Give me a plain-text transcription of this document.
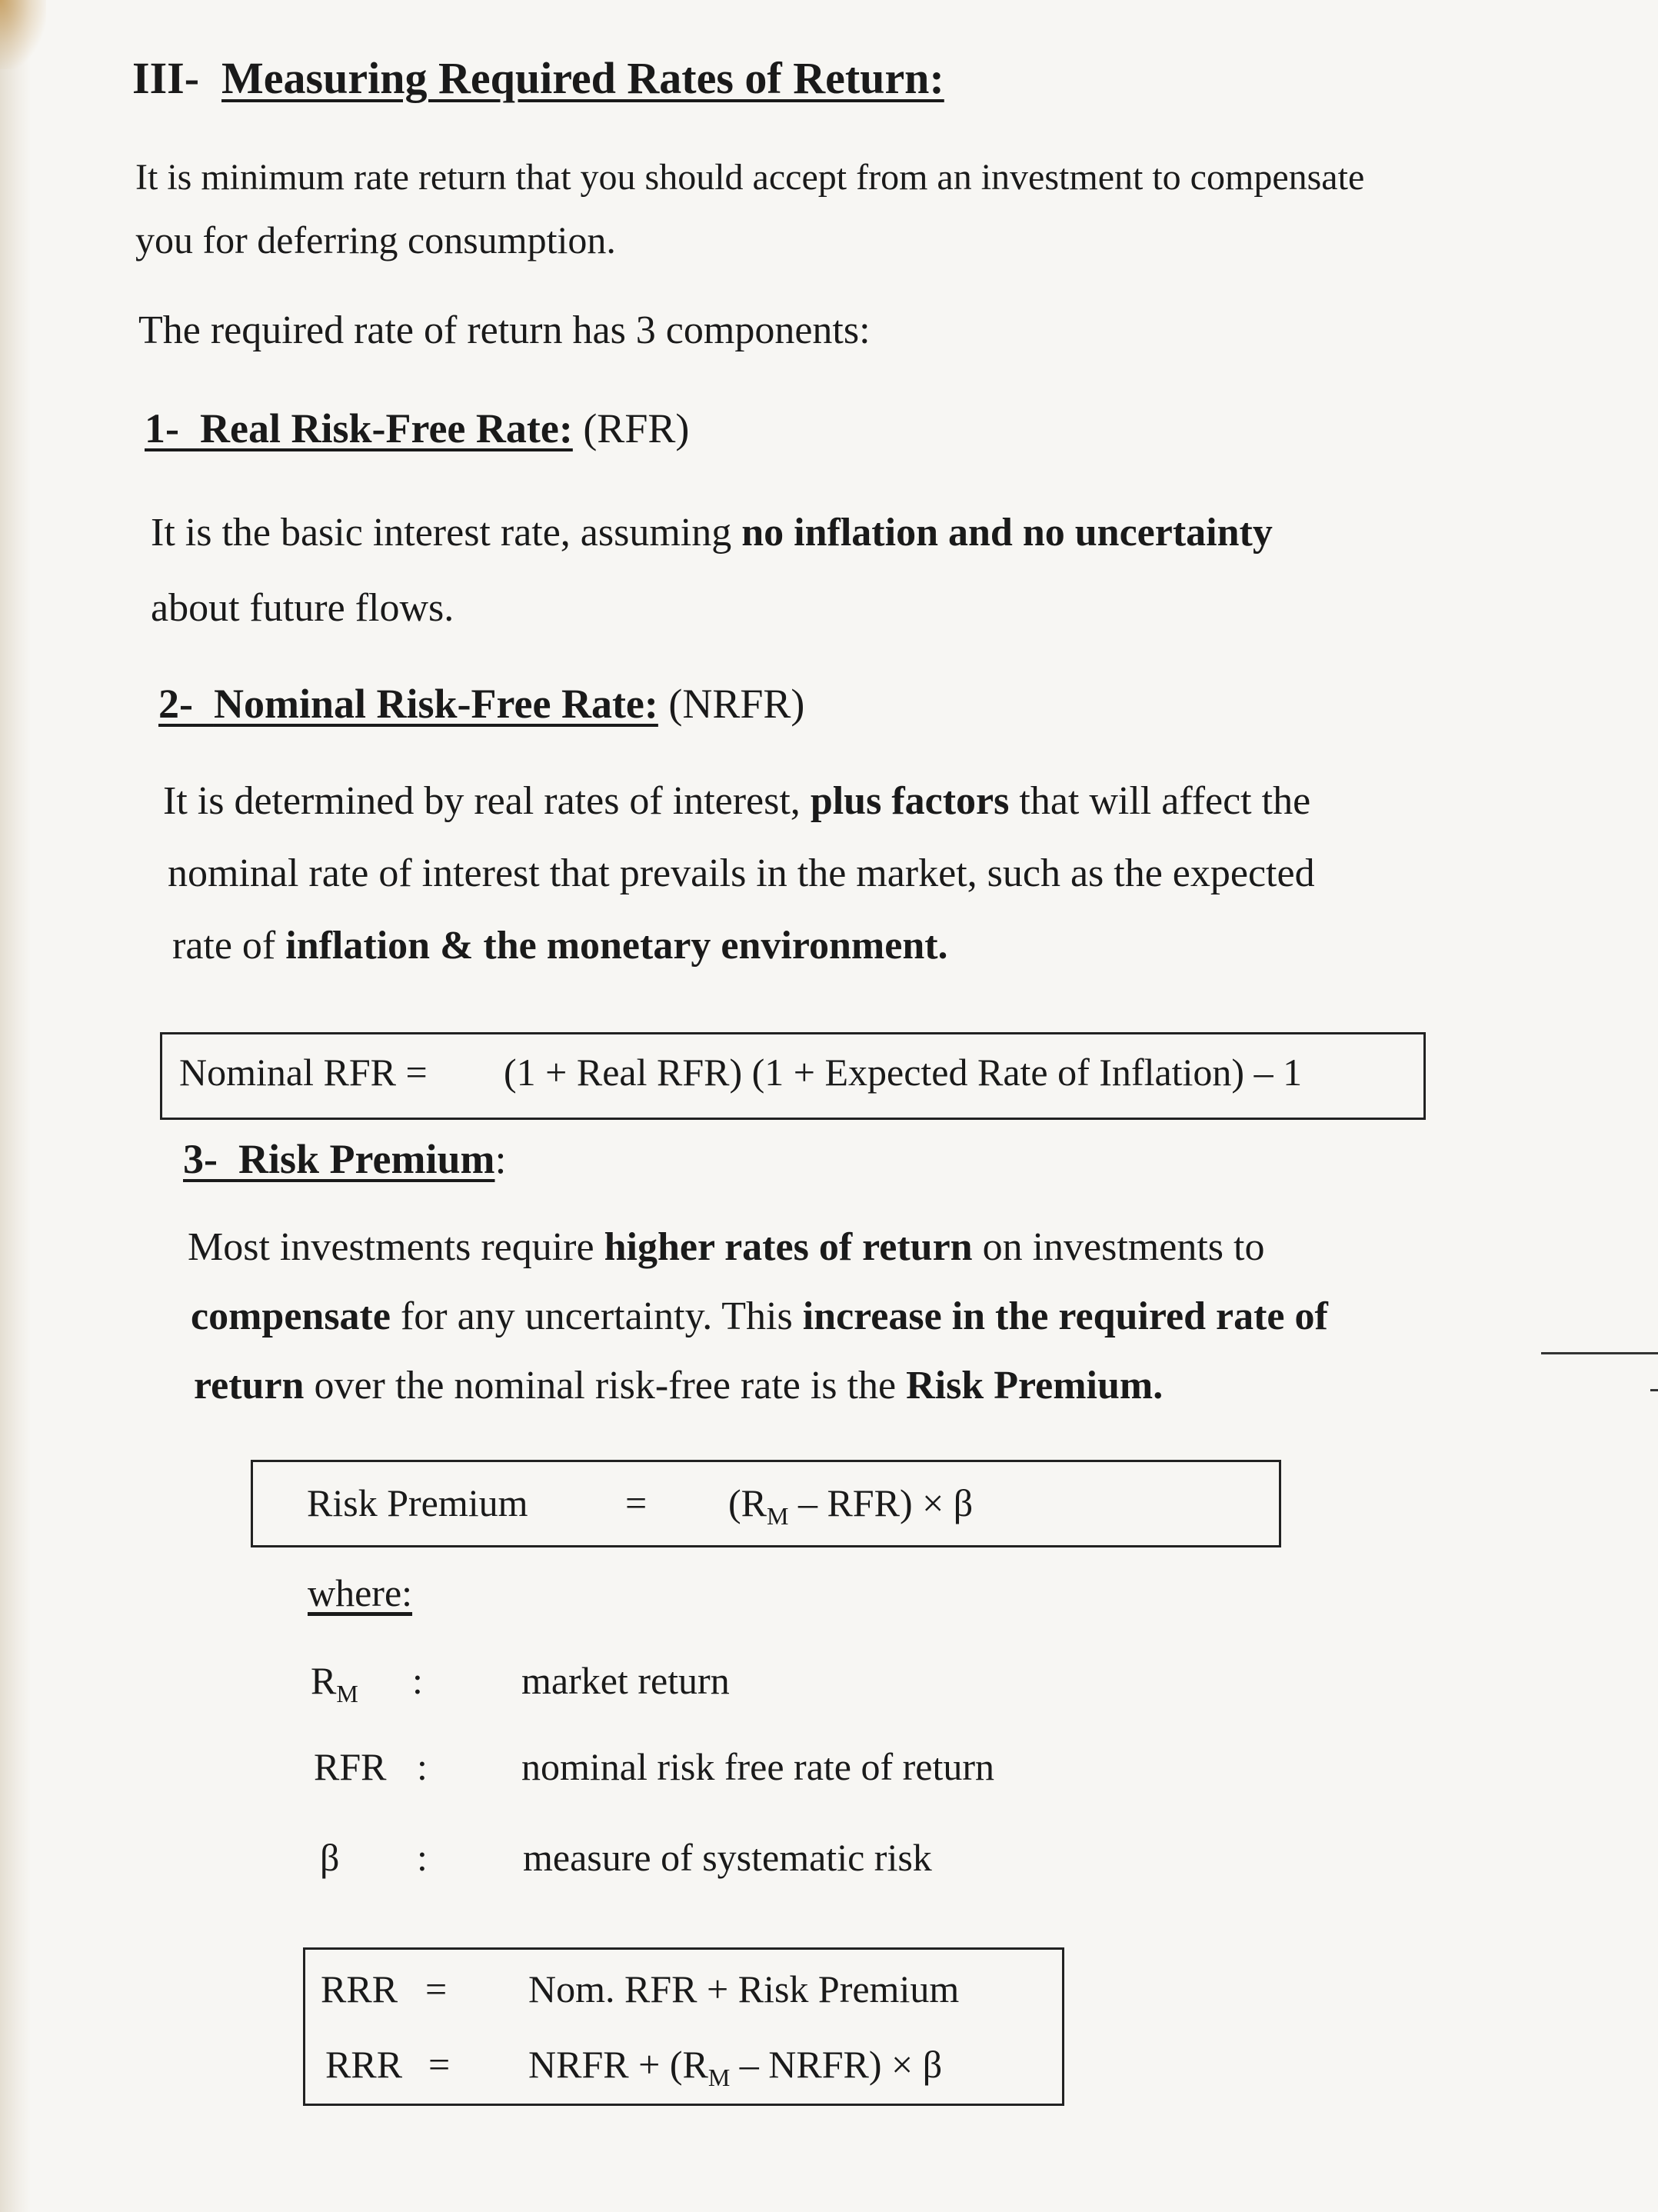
III- Measuring Required Rates of Return:
It is minimum rate return that you should accept from an investment to compensate
you for deferring consumption.
The required rate of return has 3 components:
1- Real Risk-Free Rate: (RFR)
It is the basic interest rate, assuming no inflation and no uncertainty
about future flows.
2- Nominal Risk-Free Rate: (NRFR)
It is determined by real rates of interest, plus factors that will affect the
nominal rate of interest that prevails in the market, such as the expected
rate of inflation & the monetary environment.
Nominal RFR = (1 + Real RFR) (1 + Expected Rate of Inflation) – 1
3- Risk Premium:
Most investments require higher rates of return on investments to
compensate for any uncertainty. This increase in the required rate of
return over the nominal risk-free rate is the Risk Premium.
Risk Premium	= $(R_M - RFR) \times \beta$
where:
$R_M$ :	market return
RFR : nominal risk free rate of return
β : measure of systematic risk
RRR = Nom. RFR + Risk Premium
RRR = NRFR + ($R_M$ – NRFR) × β
